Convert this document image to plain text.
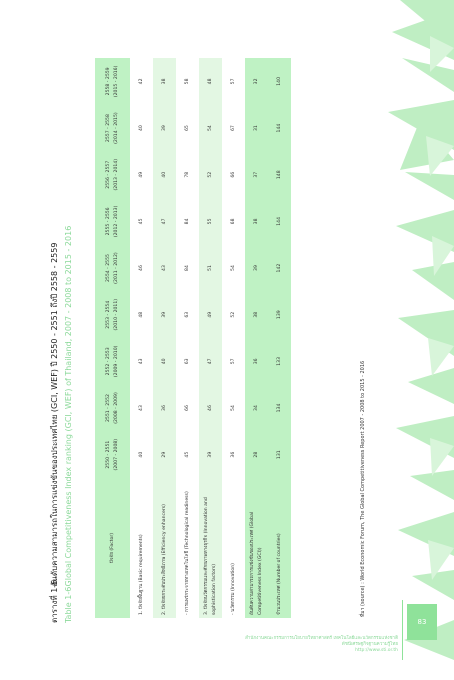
ตารางที่ 1-6 อันดับความสามารถในการแข่งขันของประเทศไทย (GCI, WEF) ปี 2550 - 2551 ถึงปี 2558 - 2559
Table 1-6 Global Competitiveness Index ranking (GCI, WEF) of Thailand, 2007 - 2008 to 2015 - 2016	ปัจจัย (Factor)	2550 - 2551 (2007 - 2008)	2551 - 2552 (2008 - 2009)	2552 - 2553 (2009 - 2010)	2553 - 2554 (2010 - 2011)	2554 - 2555 (2011 - 2012)	2555 - 2556 (2012 - 2013)	2556 - 2557 (2013 - 2014)	2557 - 2558 (2014 - 2015)	2558 - 2559 (2015 - 2016)

1. ปัจจัยพื้นฐาน (Basic requirements)	40	43	43	48	46	45	49	40	42
2. ปัจจัยยกระดับประสิทธิภาพ (Efficiency enhancers)	29	36	40	39	43	47	40	39	38
- การแพร่กระจายทางเทคโนโลยี (Technological readiness)	45	66	63	63	84	84	78	65	58
3. ปัจจัยนวัตกรรมและศักยภาพทางธุรกิจ (Innovation and sophistication factors)	39	46	47	49	51	55	52	54	48
- นวัตกรรม (Innovation)	36	54	57	52	54	68	66	67	57
อันดับความสามารถการแข่งขันของประเทศ (Global Competitiveness Index (GCI))	28	34	36	38	39	38	37	31	32
จำนวนประเทศ (Number of countries)	131	134	133	139	142	144	148	144	140
ที่มา (source) : World Economic Forum, The Global Competitiveness Report 2007 - 2008 to 2015 - 2016
สำนักงานคณะกรรมการนโยบายวิทยาศาสตร์ เทคโนโลยีและนวัตกรรมแห่งชาติ
ดัชนีเศรษฐกิจฐานความรู้ไทย
http://www.sti.or.th
83
